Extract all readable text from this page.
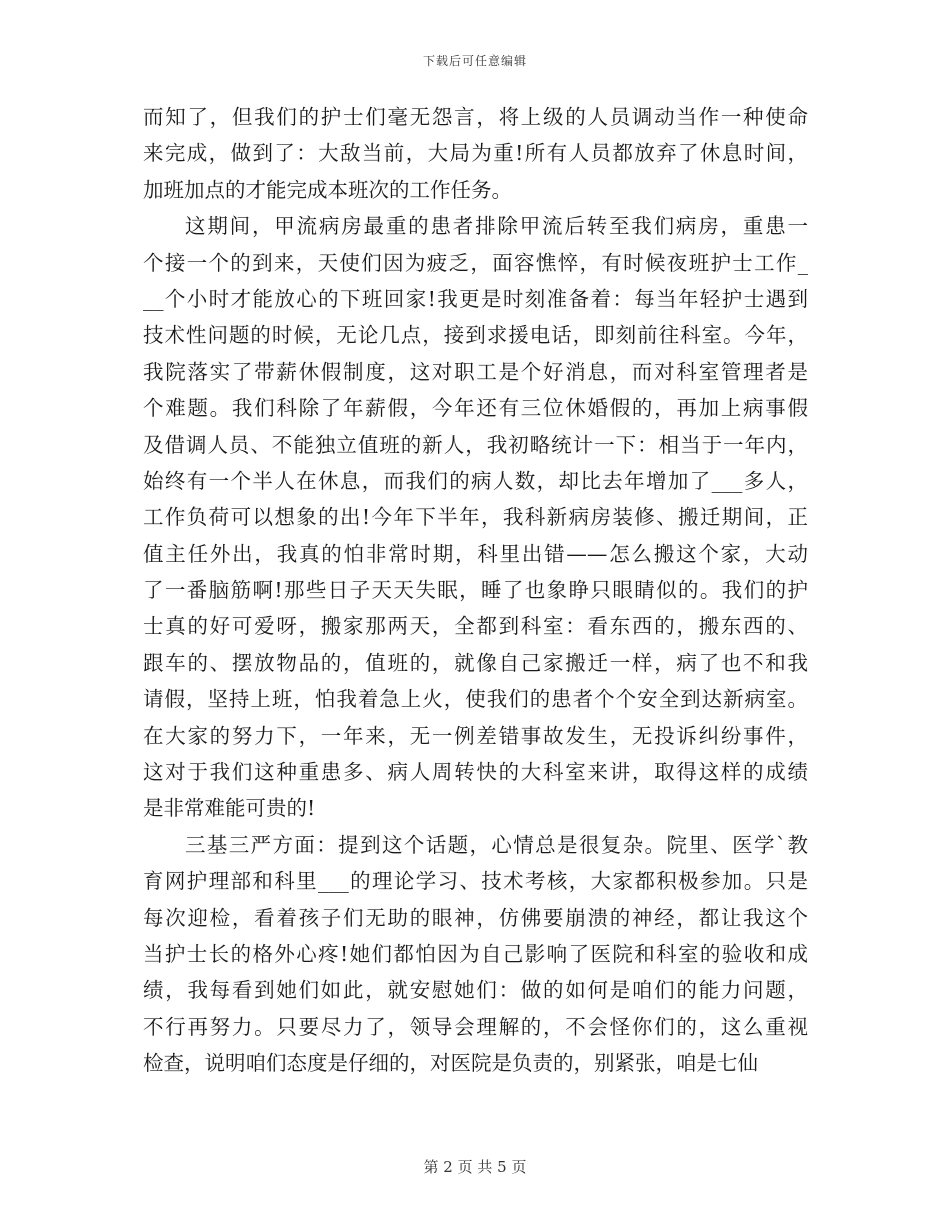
下载后可任意编辑
而知了，但我们的护士们毫无怨言，将上级的人员调动当作一种使命
来完成，做到了：大敌当前，大局为重!所有人员都放弃了休息时间，
加班加点的才能完成本班次的工作任务。
这期间，甲流病房最重的患者排除甲流后转至我们病房，重患一
个接一个的到来，天使们因为疲乏，面容憔悴，有时候夜班护士工作_
__个小时才能放心的下班回家!我更是时刻准备着：每当年轻护士遇到
技术性问题的时候，无论几点，接到求援电话，即刻前往科室。今年，
我院落实了带薪休假制度，这对职工是个好消息，而对科室管理者是
个难题。我们科除了年薪假，今年还有三位休婚假的，再加上病事假
及借调人员、不能独立值班的新人，我初略统计一下：相当于一年内，
始终有一个半人在休息，而我们的病人数，却比去年增加了___多人，
工作负荷可以想象的出!今年下半年，我科新病房装修、搬迁期间，正
值主任外出，我真的怕非常时期，科里出错——怎么搬这个家，大动
了一番脑筋啊!那些日子天天失眠，睡了也象睁只眼睛似的。我们的护
士真的好可爱呀，搬家那两天，全都到科室：看东西的，搬东西的、
跟车的、摆放物品的，值班的，就像自己家搬迁一样，病了也不和我
请假，坚持上班，怕我着急上火，使我们的患者个个安全到达新病室。
在大家的努力下，一年来，无一例差错事故发生，无投诉纠纷事件，
这对于我们这种重患多、病人周转快的大科室来讲，取得这样的成绩
是非常难能可贵的!
三基三严方面：提到这个话题，心情总是很复杂。院里、医学`教
育网护理部和科里___的理论学习、技术考核，大家都积极参加。只是
每次迎检，看着孩子们无助的眼神，仿佛要崩溃的神经，都让我这个
当护士长的格外心疼!她们都怕因为自己影响了医院和科室的验收和成
绩，我每看到她们如此，就安慰她们：做的如何是咱们的能力问题，
不行再努力。只要尽力了，领导会理解的，不会怪你们的，这么重视
检查，说明咱们态度是仔细的，对医院是负责的，别紧张，咱是七仙
第 2 页 共 5 页
